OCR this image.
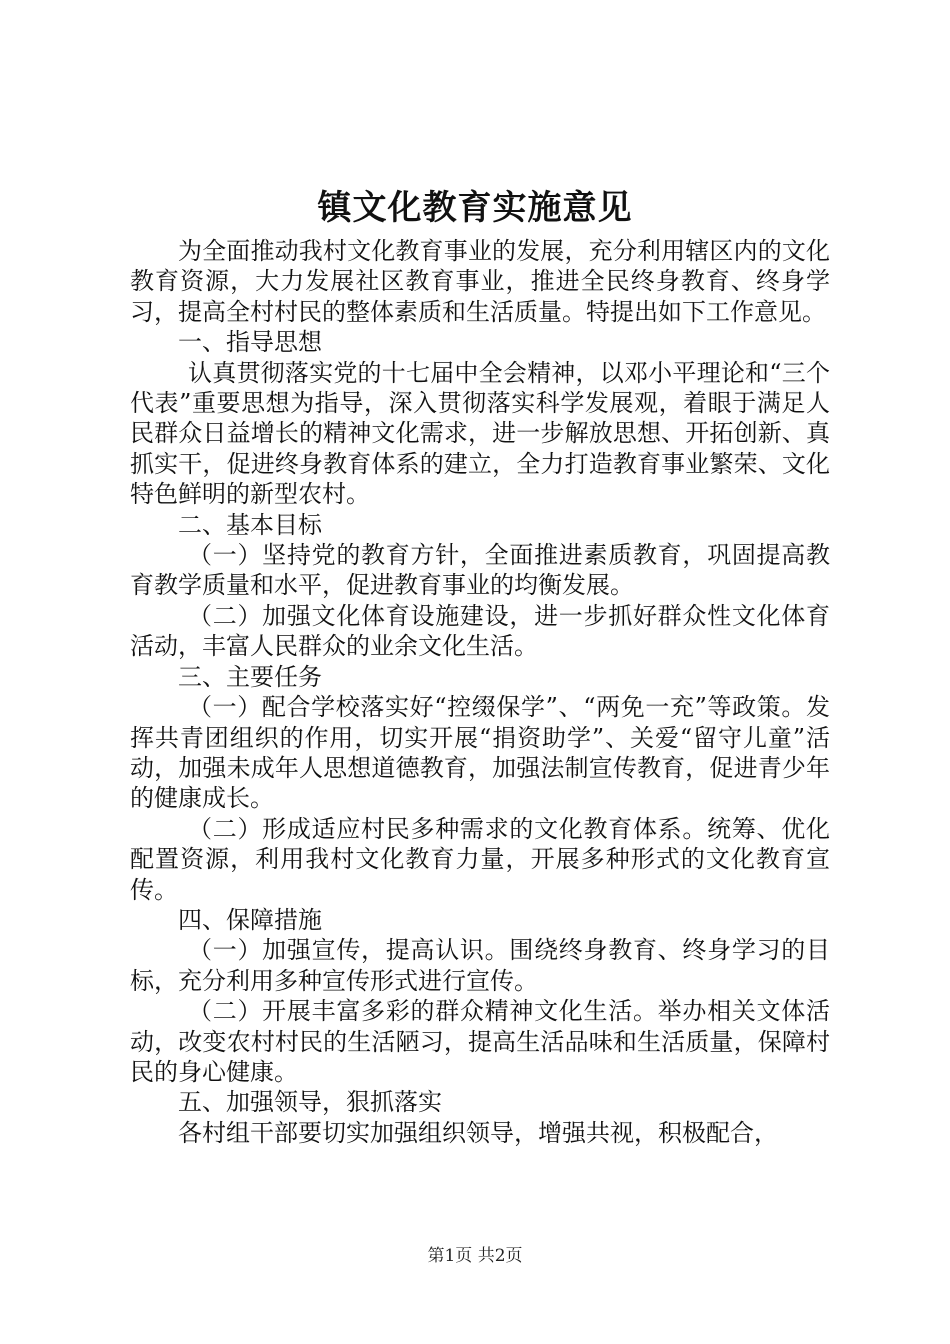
镇文化教育实施意见

为全面推动我村文化教育事业的发展，充分利用辖区内的文化教育资源，大力发展社区教育事业，推进全民终身教育、终身学习，提高全村村民的整体素质和生活质量。特提出如下工作意见。

一、指导思想

认真贯彻落实党的十七届中全会精神，以邓小平理论和“三个代表”重要思想为指导，深入贯彻落实科学发展观，着眼于满足人民群众日益增长的精神文化需求，进一步解放思想、开拓创新、真抓实干，促进终身教育体系的建立，全力打造教育事业繁荣、文化特色鲜明的新型农村。

二、基本目标

（一）坚持党的教育方针，全面推进素质教育，巩固提高教育教学质量和水平，促进教育事业的均衡发展。

（二）加强文化体育设施建设，进一步抓好群众性文化体育活动，丰富人民群众的业余文化生活。

三、主要任务

（一）配合学校落实好“控缀保学”、“两免一充”等政策。发挥共青团组织的作用，切实开展“捐资助学”、关爱“留守儿童”活动，加强未成年人思想道德教育，加强法制宣传教育，促进青少年的健康成长。

（二）形成适应村民多种需求的文化教育体系。统筹、优化配置资源，利用我村文化教育力量，开展多种形式的文化教育宣传。

四、保障措施

（一）加强宣传，提高认识。围绕终身教育、终身学习的目标，充分利用多种宣传形式进行宣传。

（二）开展丰富多彩的群众精神文化生活。举办相关文体活动，改变农村村民的生活陋习，提高生活品味和生活质量，保障村民的身心健康。

五、加强领导，狠抓落实

各村组干部要切实加强组织领导，增强共视，积极配合，

第1页 共2页
